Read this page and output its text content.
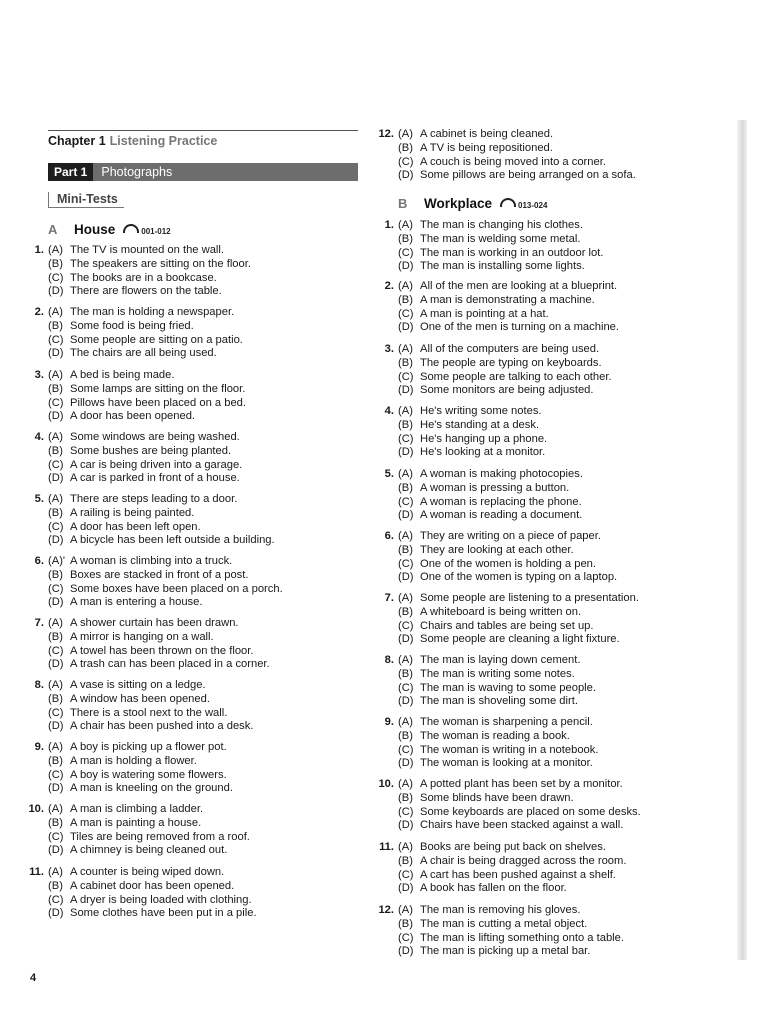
Chapter 1 Listening Practice
Part 1	Photographs
Mini-Tests
A	House	001-012
B	Workplace	013-024
1. (A) The TV is mounted on the wall.
(B) The speakers are sitting on the floor.
(C) The books are in a bookcase.
(D) There are flowers on the table.
2. (A) The man is holding a newspaper.
(B) Some food is being fried.
(C) Some people are sitting on a patio.
(D) The chairs are all being used.
3. (A) A bed is being made.
(B) Some lamps are sitting on the floor.
(C) Pillows have been placed on a bed.
(D) A door has been opened.
4. (A) Some windows are being washed.
(B) Some bushes are being planted.
(C) A car is being driven into a garage.
(D) A car is parked in front of a house.
5. (A) There are steps leading to a door.
(B) A railing is being painted.
(C) A door has been left open.
(D) A bicycle has been left outside a building.
6. (A)' A woman is climbing into a truck.
(B) Boxes are stacked in front of a post.
(C) Some boxes have been placed on a porch.
(D) A man is entering a house.
7. (A) A shower curtain has been drawn.
(B) A mirror is hanging on a wall.
(C) A towel has been thrown on the floor.
(D) A trash can has been placed in a corner.
8. (A) A vase is sitting on a ledge.
(B) A window has been opened.
(C) There is a stool next to the wall.
(D) A chair has been pushed into a desk.
9. (A) A boy is picking up a flower pot.
(B) A man is holding a flower.
(C) A boy is watering some flowers.
(D) A man is kneeling on the ground.
10. (A) A man is climbing a ladder.
(B) A man is painting a house.
(C) Tiles are being removed from a roof.
(D) A chimney is being cleaned out.
11. (A) A counter is being wiped down.
(B) A cabinet door has been opened.
(C) A dryer is being loaded with clothing.
(D) Some clothes have been put in a pile.
12. (A) A cabinet is being cleaned.
(B) A TV is being repositioned.
(C) A couch is being moved into a corner.
(D) Some pillows are being arranged on a sofa.
1. (A) The man is changing his clothes.
(B) The man is welding some metal.
(C) The man is working in an outdoor lot.
(D) The man is installing some lights.
2. (A) All of the men are looking at a blueprint.
(B) A man is demonstrating a machine.
(C) A man is pointing at a hat.
(D) One of the men is turning on a machine.
3. (A) All of the computers are being used.
(B) The people are typing on keyboards.
(C) Some people are talking to each other.
(D) Some monitors are being adjusted.
4. (A) He's writing some notes.
(B) He's standing at a desk.
(C) He's hanging up a phone.
(D) He's looking at a monitor.
5. (A) A woman is making photocopies.
(B) A woman is pressing a button.
(C) A woman is replacing the phone.
(D) A woman is reading a document.
6. (A) They are writing on a piece of paper.
(B) They are looking at each other.
(C) One of the women is holding a pen.
(D) One of the women is typing on a laptop.
7. (A) Some people are listening to a presentation.
(B) A whiteboard is being written on.
(C) Chairs and tables are being set up.
(D) Some people are cleaning a light fixture.
8. (A) The man is laying down cement.
(B) The man is writing some notes.
(C) The man is waving to some people.
(D) The man is shoveling some dirt.
9. (A) The woman is sharpening a pencil.
(B) The woman is reading a book.
(C) The woman is writing in a notebook.
(D) The woman is looking at a monitor.
10. (A) A potted plant has been set by a monitor.
(B) Some blinds have been drawn.
(C) Some keyboards are placed on some desks.
(D) Chairs have been stacked against a wall.
11. (A) Books are being put back on shelves.
(B) A chair is being dragged across the room.
(C) A cart has been pushed against a shelf.
(D) A book has fallen on the floor.
12. (A) The man is removing his gloves.
(B) The man is cutting a metal object.
(C) The man is lifting something onto a table.
(D) The man is picking up a metal bar.
4
